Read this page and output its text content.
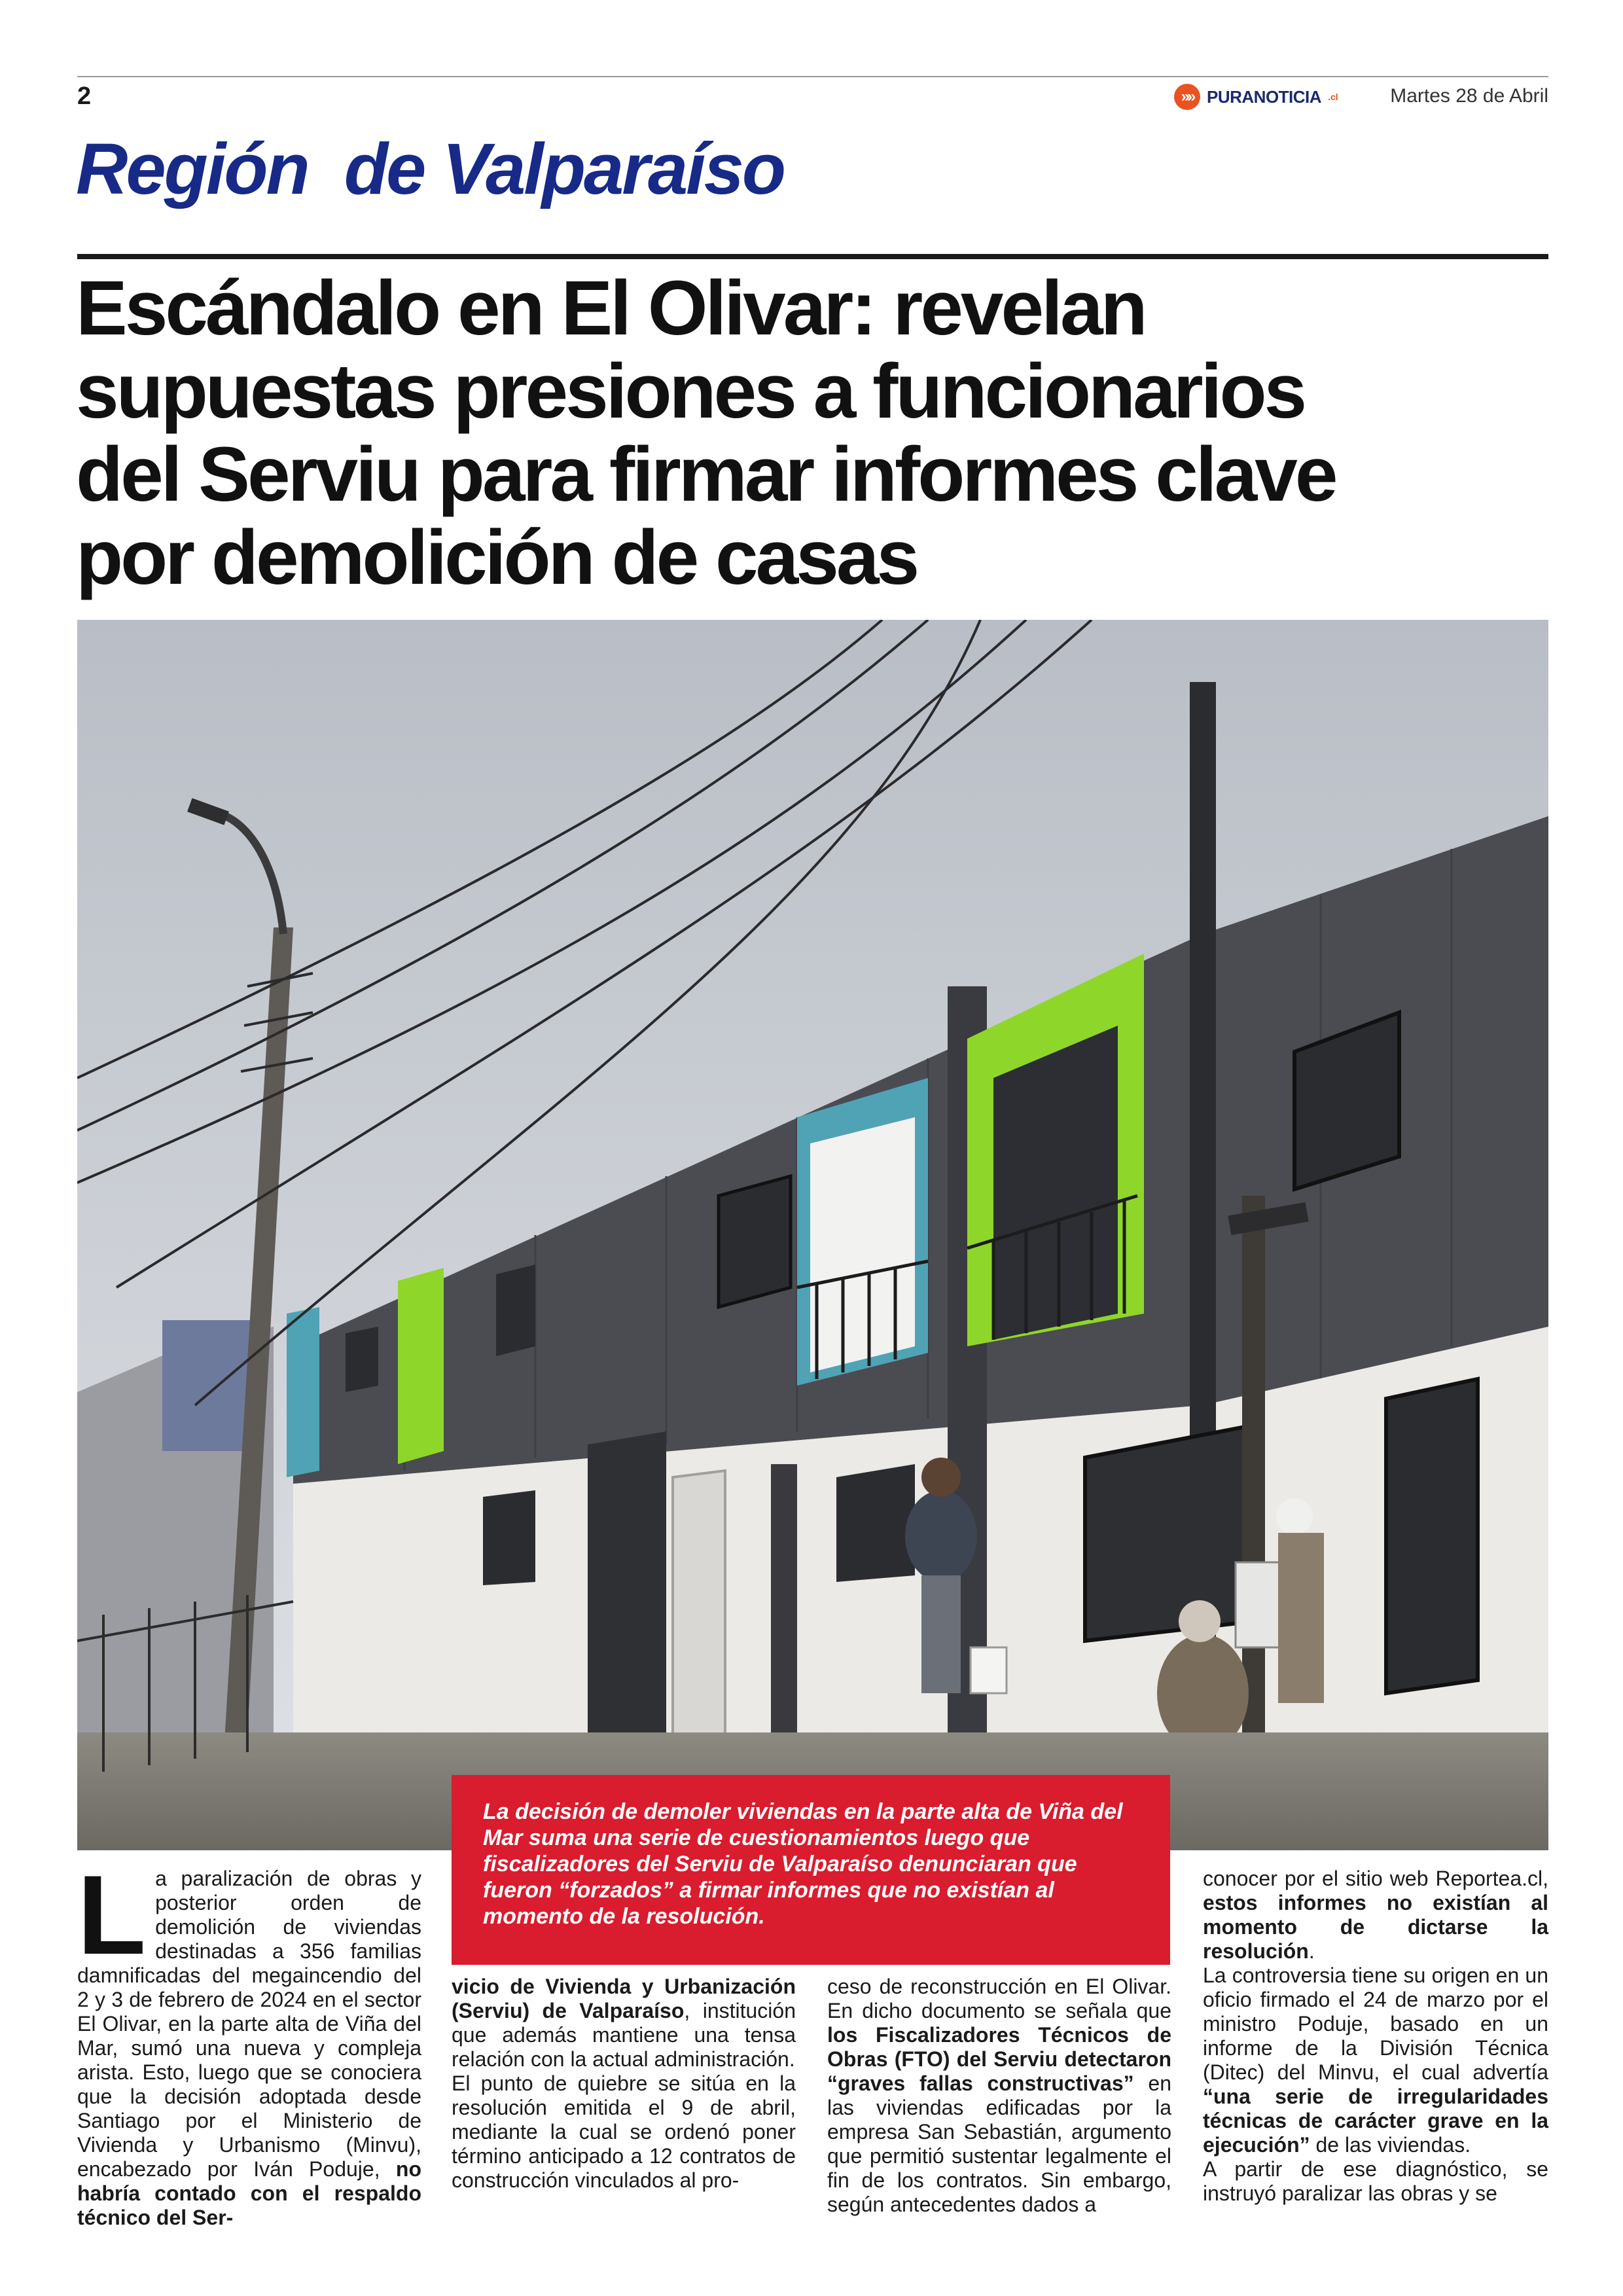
2	»» PURANOTICIA .cl	Martes 28 de Abril
Región  de Valparaíso
Escándalo en El Olivar: revelan
supuestas presiones a funcionarios
del Serviu para firmar informes clave
por demolición de casas
La decisión de demoler viviendas en la parte alta de Viña del Mar suma una serie de cuestionamientos luego que fiscalizadores del Serviu de Valparaíso denunciaran que fueron “forzados” a firmar informes que no existían al momento de la resolución.

La paralización de obras y posterior orden de demolición de viviendas destinadas a 356 familias damnificadas del megaincendio del 2 y 3 de febrero de 2024 en el sector El Olivar, en la parte alta de Viña del Mar, sumó una nueva y compleja arista. Esto, luego que se conociera que la decisión adoptada desde Santiago por el Ministerio de Vivienda y Urbanismo (Minvu), encabezado por Iván Poduje, no habría contado con el respaldo técnico del Ser-

vicio de Vivienda y Urbanización (Serviu) de Valparaíso, institución que además mantiene una tensa relación con la actual administración.

El punto de quiebre se sitúa en la resolución emitida el 9 de abril, mediante la cual se ordenó poner término anticipado a 12 contratos de construcción vinculados al pro-

ceso de reconstrucción en El Olivar. En dicho documento se señala que los Fiscalizadores Técnicos de Obras (FTO) del Serviu detectaron “graves fallas constructivas” en las viviendas edificadas por la empresa San Sebastián, argumento que permitió sustentar legalmente el fin de los contratos. Sin embargo, según antecedentes dados a

conocer por el sitio web Reportea.cl, estos informes no existían al momento de dictarse la resolución.

La controversia tiene su origen en un oficio firmado el 24 de marzo por el ministro Poduje, basado en un informe de la División Técnica (Ditec) del Minvu, el cual advertía “una serie de irregularidades técnicas de carácter grave en la ejecución” de las viviendas.

A partir de ese diagnóstico, se instruyó paralizar las obras y se
